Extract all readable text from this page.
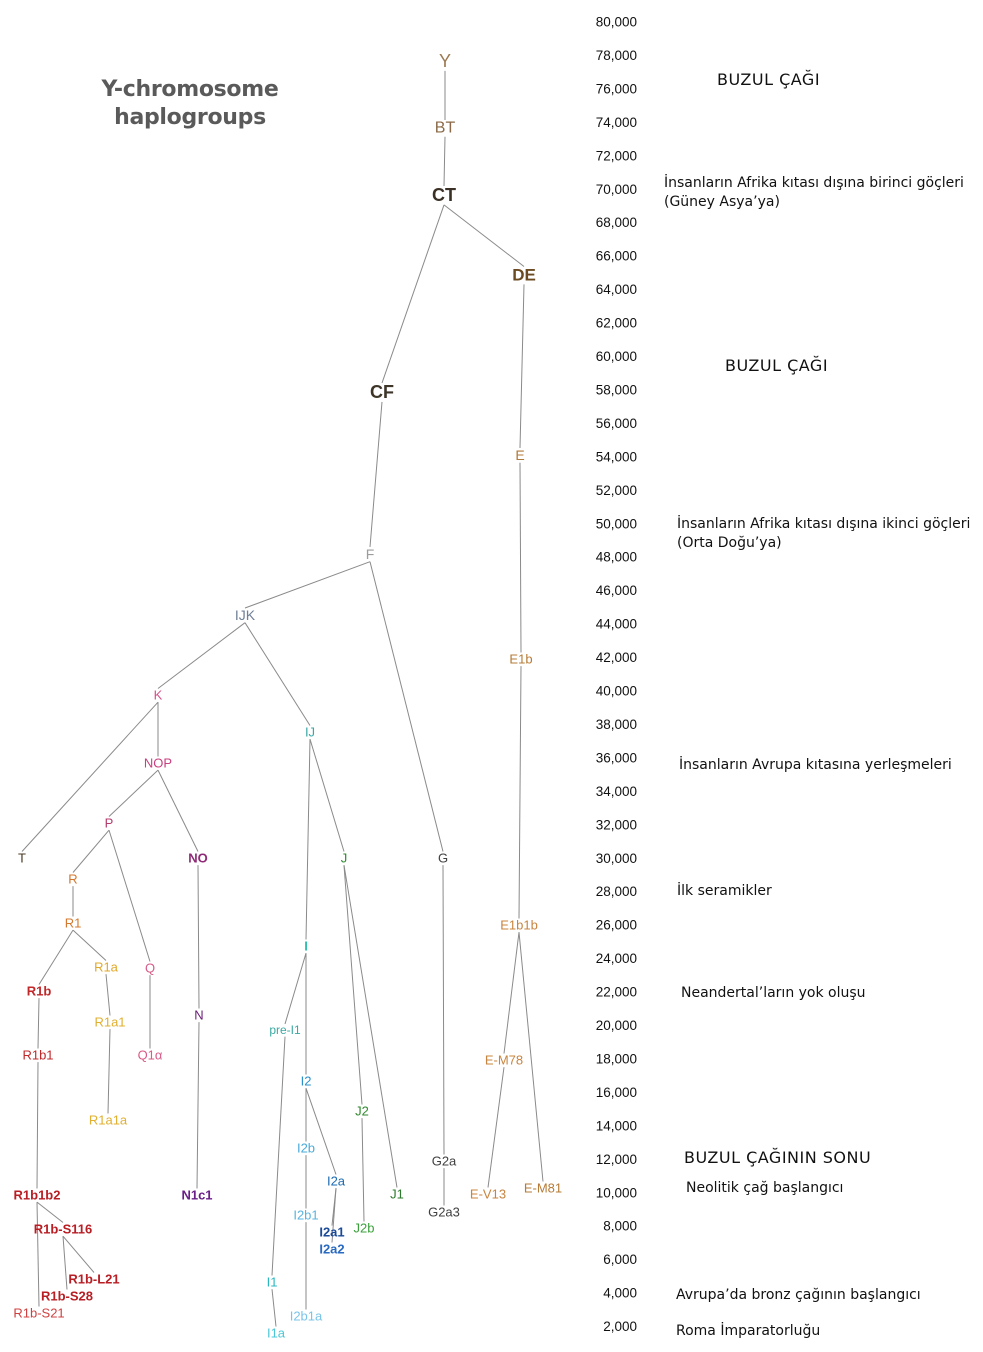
Y
BT
CT
DE
CF
E
F
IJK
E1b
K
IJ
NOP
P
T	NO	J	G
R
R1	E1b1b
I
R1a Q
R1b
R1a1	N
pre-I1
R1b1	Q1α	E-M78
I2
J2
R1a1a
I2b
G2a
I2a
E-V13 E-M81
R1b1b2	N1c1
I2b1
J1
G2a3
R1b-S116	I2a1 J2b
I2a2
R1b-L21
R1b-S28
I1
R1b-S21	I2b1a
I1a
80,000
78,000
76,000
74,000
72,000
70,000
68,000
66,000
64,000
62,000
60,000
58,000
56,000
54,000
52,000
50,000
48,000
46,000
44,000
42,000
40,000
38,000
36,000
34,000
32,000
30,000
28,000
26,000
24,000
22,000
20,000
18,000
16,000
14,000
12,000
10,000
8,000
6,000
4,000
2,000
Y-chromosome
haplogroups
BUZUL ÇAĞI
İnsanların Afrika kıtası dışına birinci göçleri
(Güney Asya’ya)
BUZUL ÇAĞI
İnsanların Afrika kıtası dışına ikinci göçleri
(Orta Doğu’ya)
İnsanların Avrupa kıtasına yerleşmeleri
İlk seramikler
Neandertal’ların yok oluşu
BUZUL ÇAĞININ SONU
Neolitik çağ başlangıcı
Avrupa’da bronz çağının başlangıcı
Roma İmparatorluğu
